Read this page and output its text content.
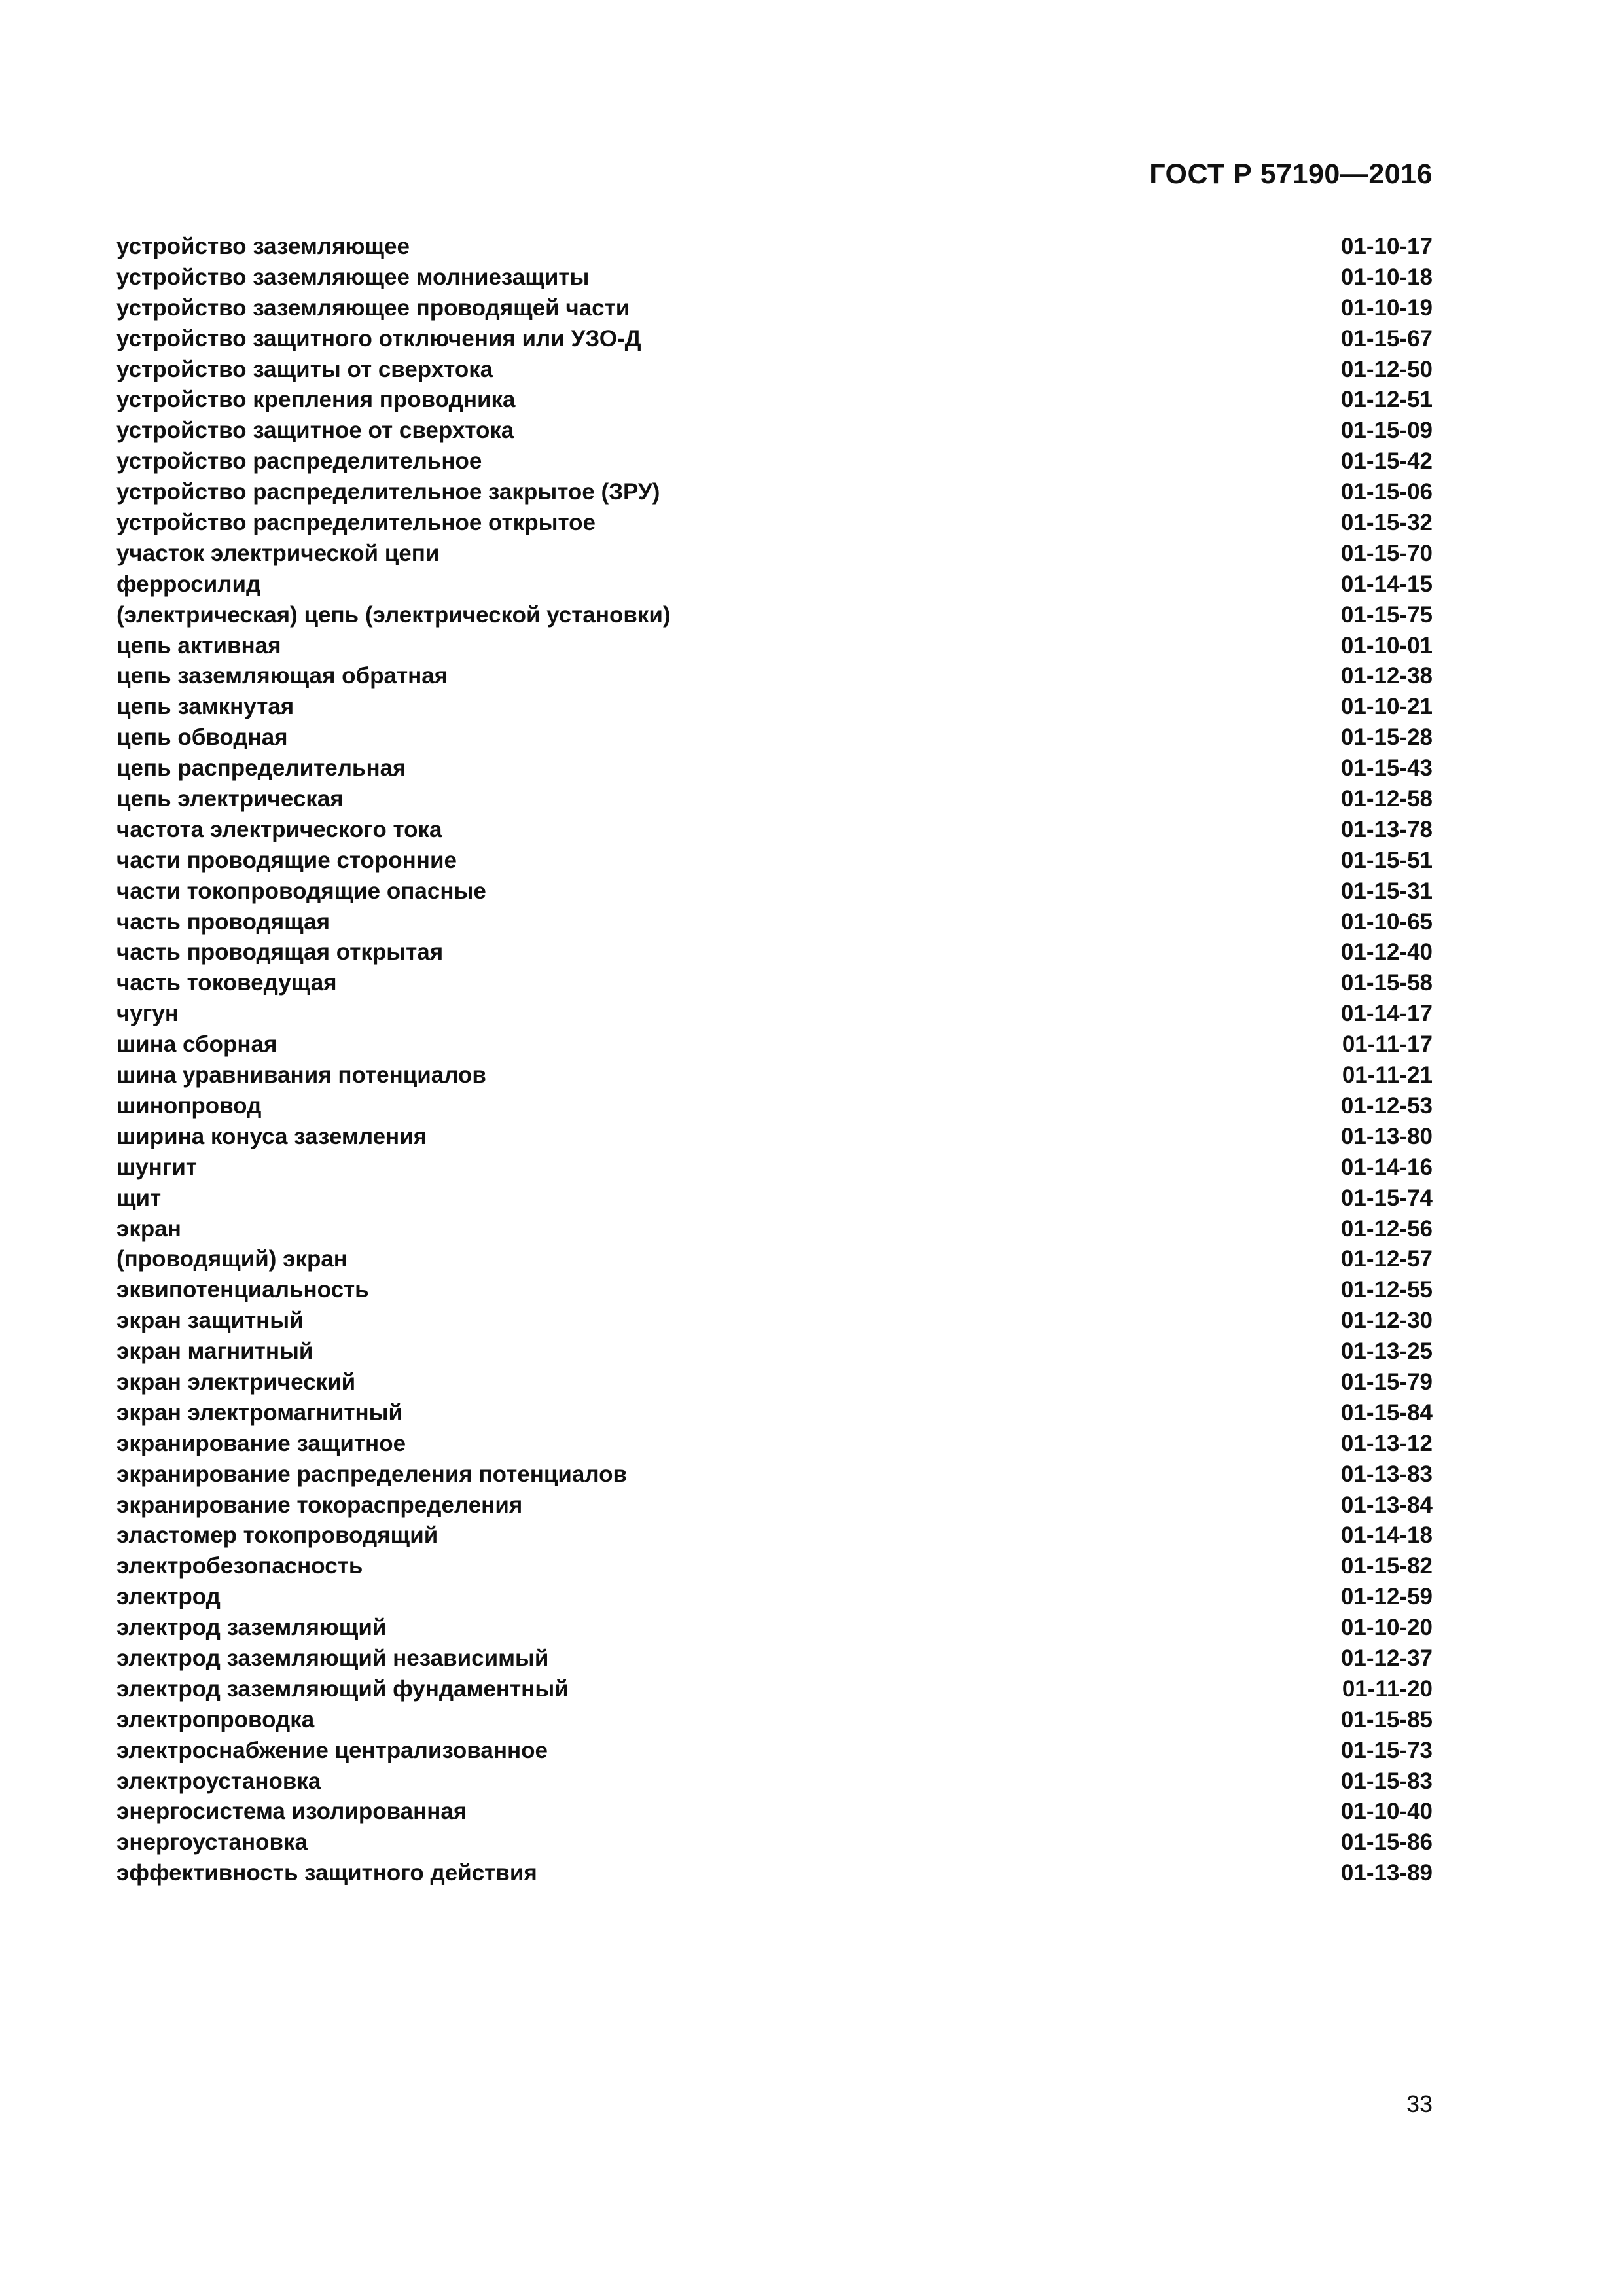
ГОСТ Р 57190—2016
устройство заземляющее	01-10-17
устройство заземляющее молниезащиты	01-10-18
устройство заземляющее проводящей части	01-10-19
устройство защитного отключения или УЗО-Д	01-15-67
устройство защиты от сверхтока	01-12-50
устройство крепления проводника	01-12-51
устройство защитное от сверхтока	01-15-09
устройство распределительное	01-15-42
устройство распределительное закрытое (ЗРУ)	01-15-06
устройство распределительное открытое	01-15-32
участок электрической цепи	01-15-70
ферросилид	01-14-15
(электрическая) цепь (электрической установки)	01-15-75
цепь активная	01-10-01
цепь заземляющая обратная	01-12-38
цепь замкнутая	01-10-21
цепь обводная	01-15-28
цепь распределительная	01-15-43
цепь электрическая	01-12-58
частота электрического тока	01-13-78
части проводящие сторонние	01-15-51
части токопроводящие опасные	01-15-31
часть проводящая	01-10-65
часть проводящая открытая	01-12-40
часть токоведущая	01-15-58
чугун	01-14-17
шина сборная	01-11-17
шина уравнивания потенциалов	01-11-21
шинопровод	01-12-53
ширина конуса заземления	01-13-80
шунгит	01-14-16
щит	01-15-74
экран	01-12-56
(проводящий) экран	01-12-57
эквипотенциальность	01-12-55
экран защитный	01-12-30
экран магнитный	01-13-25
экран электрический	01-15-79
экран электромагнитный	01-15-84
экранирование защитное	01-13-12
экранирование распределения потенциалов	01-13-83
экранирование токораспределения	01-13-84
эластомер токопроводящий	01-14-18
электробезопасность	01-15-82
электрод	01-12-59
электрод заземляющий	01-10-20
электрод заземляющий независимый	01-12-37
электрод заземляющий фундаментный	01-11-20
электропроводка	01-15-85
электроснабжение централизованное	01-15-73
электроустановка	01-15-83
энергосистема изолированная	01-10-40
энергоустановка	01-15-86
эффективность защитного действия	01-13-89
33
